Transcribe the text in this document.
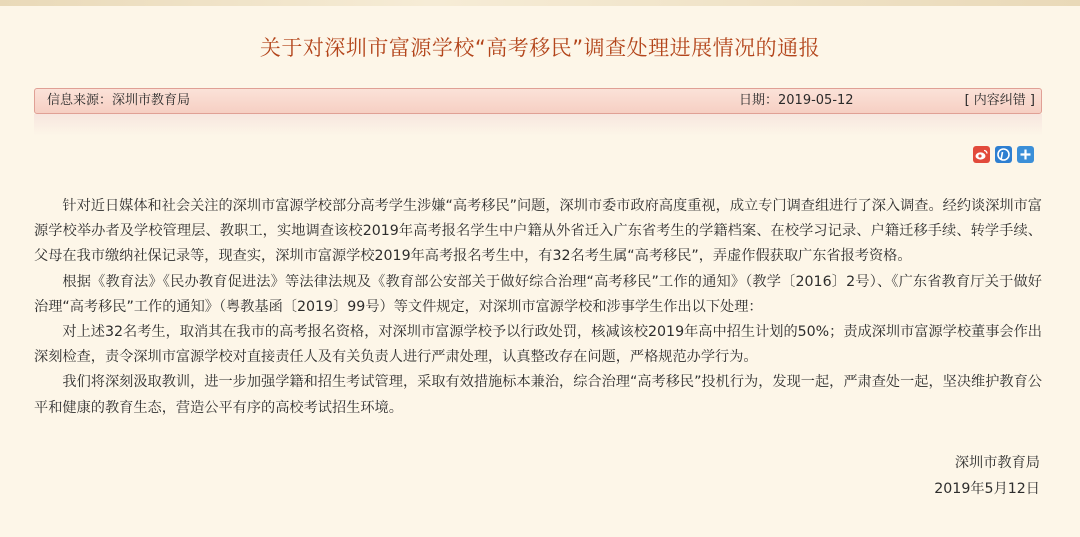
关于对深圳市富源学校“高考移民”调查处理进展情况的通报
信息来源：深圳市教育局	日期：2019-05-12	[ 内容纠错 ]

针对近日媒体和社会关注的深圳市富源学校部分高考学生涉嫌“高考移民”问题，深圳市委市政府高度重视，成立专门调查组进行了深入调查。经约谈深圳市富源学校举办者及学校管理层、教职工，实地调查该校2019年高考报名学生中户籍从外省迁入广东省考生的学籍档案、在校学习记录、户籍迁移手续、转学手续、父母在我市缴纳社保记录等，现查实，深圳市富源学校2019年高考报名考生中，有32名考生属“高考移民”，弄虚作假获取广东省报考资格。

根据《教育法》《民办教育促进法》等法律法规及《教育部公安部关于做好综合治理“高考移民”工作的通知》（教学〔2016〕2号）、《广东省教育厅关于做好治理“高考移民”工作的通知》（粤教基函〔2019〕99号）等文件规定，对深圳市富源学校和涉事学生作出以下处理：

对上述32名考生，取消其在我市的高考报名资格，对深圳市富源学校予以行政处罚，核减该校2019年高中招生计划的50%；责成深圳市富源学校董事会作出深刻检查，责令深圳市富源学校对直接责任人及有关负责人进行严肃处理，认真整改存在问题，严格规范办学行为。

我们将深刻汲取教训，进一步加强学籍和招生考试管理，采取有效措施标本兼治，综合治理“高考移民”投机行为，发现一起，严肃查处一起，坚决维护教育公平和健康的教育生态，营造公平有序的高校考试招生环境。

深圳市教育局
2019年5月12日
